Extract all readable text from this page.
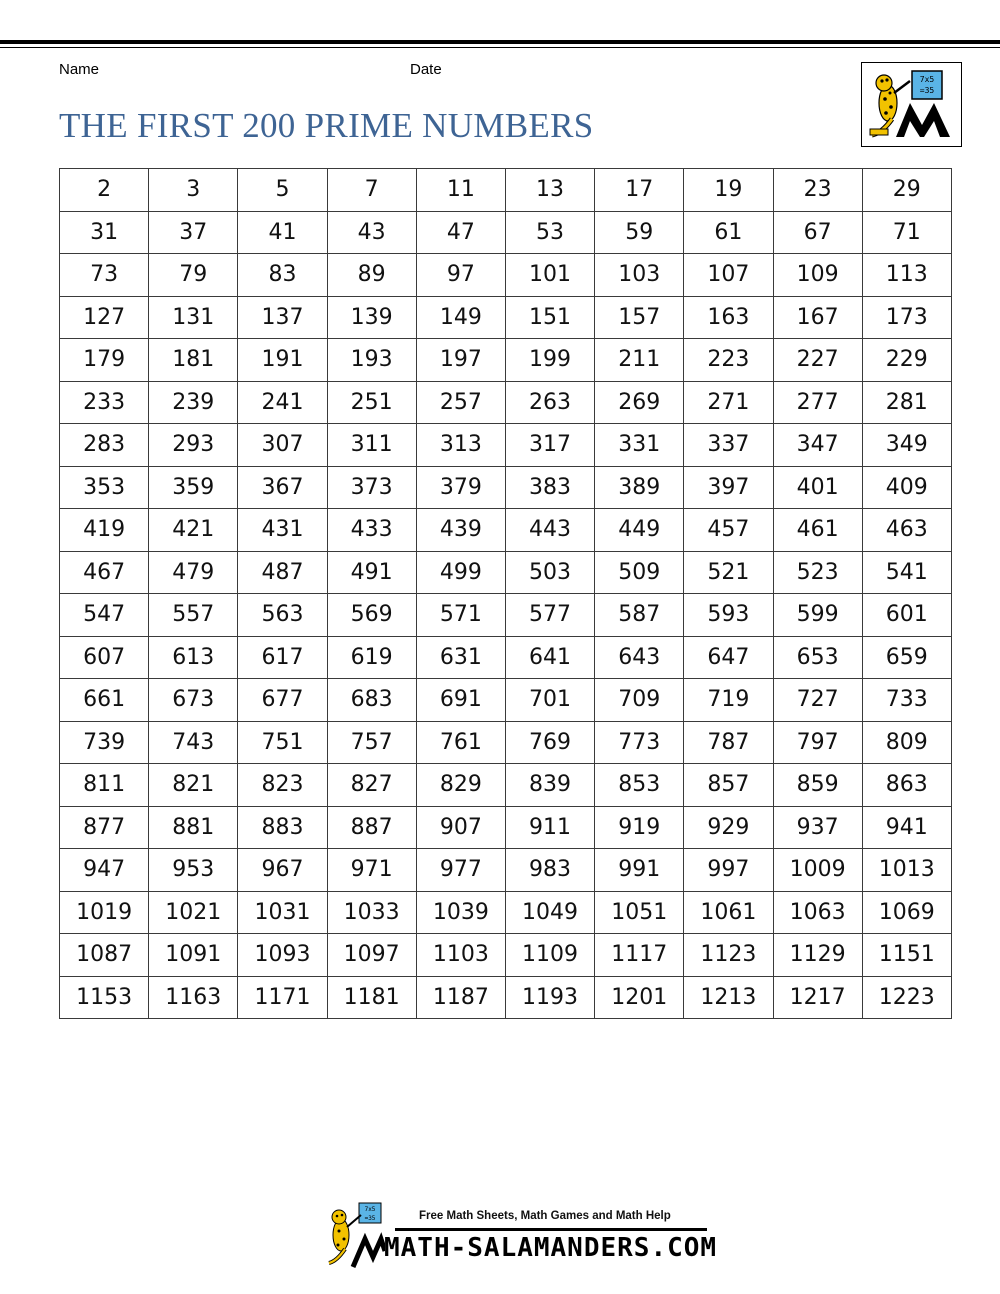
Name	Date
THE FIRST 200 PRIME NUMBERS
7x5
=35
2	3	5	7	11	13	17	19	23	29
31	37	41	43	47	53	59	61	67	71
73	79	83	89	97	101	103	107	109	113
127	131	137	139	149	151	157	163	167	173
179	181	191	193	197	199	211	223	227	229
233	239	241	251	257	263	269	271	277	281
283	293	307	311	313	317	331	337	347	349
353	359	367	373	379	383	389	397	401	409
419	421	431	433	439	443	449	457	461	463
467	479	487	491	499	503	509	521	523	541
547	557	563	569	571	577	587	593	599	601
607	613	617	619	631	641	643	647	653	659
661	673	677	683	691	701	709	719	727	733
739	743	751	757	761	769	773	787	797	809
811	821	823	827	829	839	853	857	859	863
877	881	883	887	907	911	919	929	937	941
947	953	967	971	977	983	991	997	1009	1013
1019	1021	1031	1033	1039	1049	1051	1061	1063	1069
1087	1091	1093	1097	1103	1109	1117	1123	1129	1151
1153	1163	1171	1181	1187	1193	1201	1213	1217	1223
7x5
=35	Free Math Sheets, Math Games and Math Help
MATH-SALAMANDERS.COM
